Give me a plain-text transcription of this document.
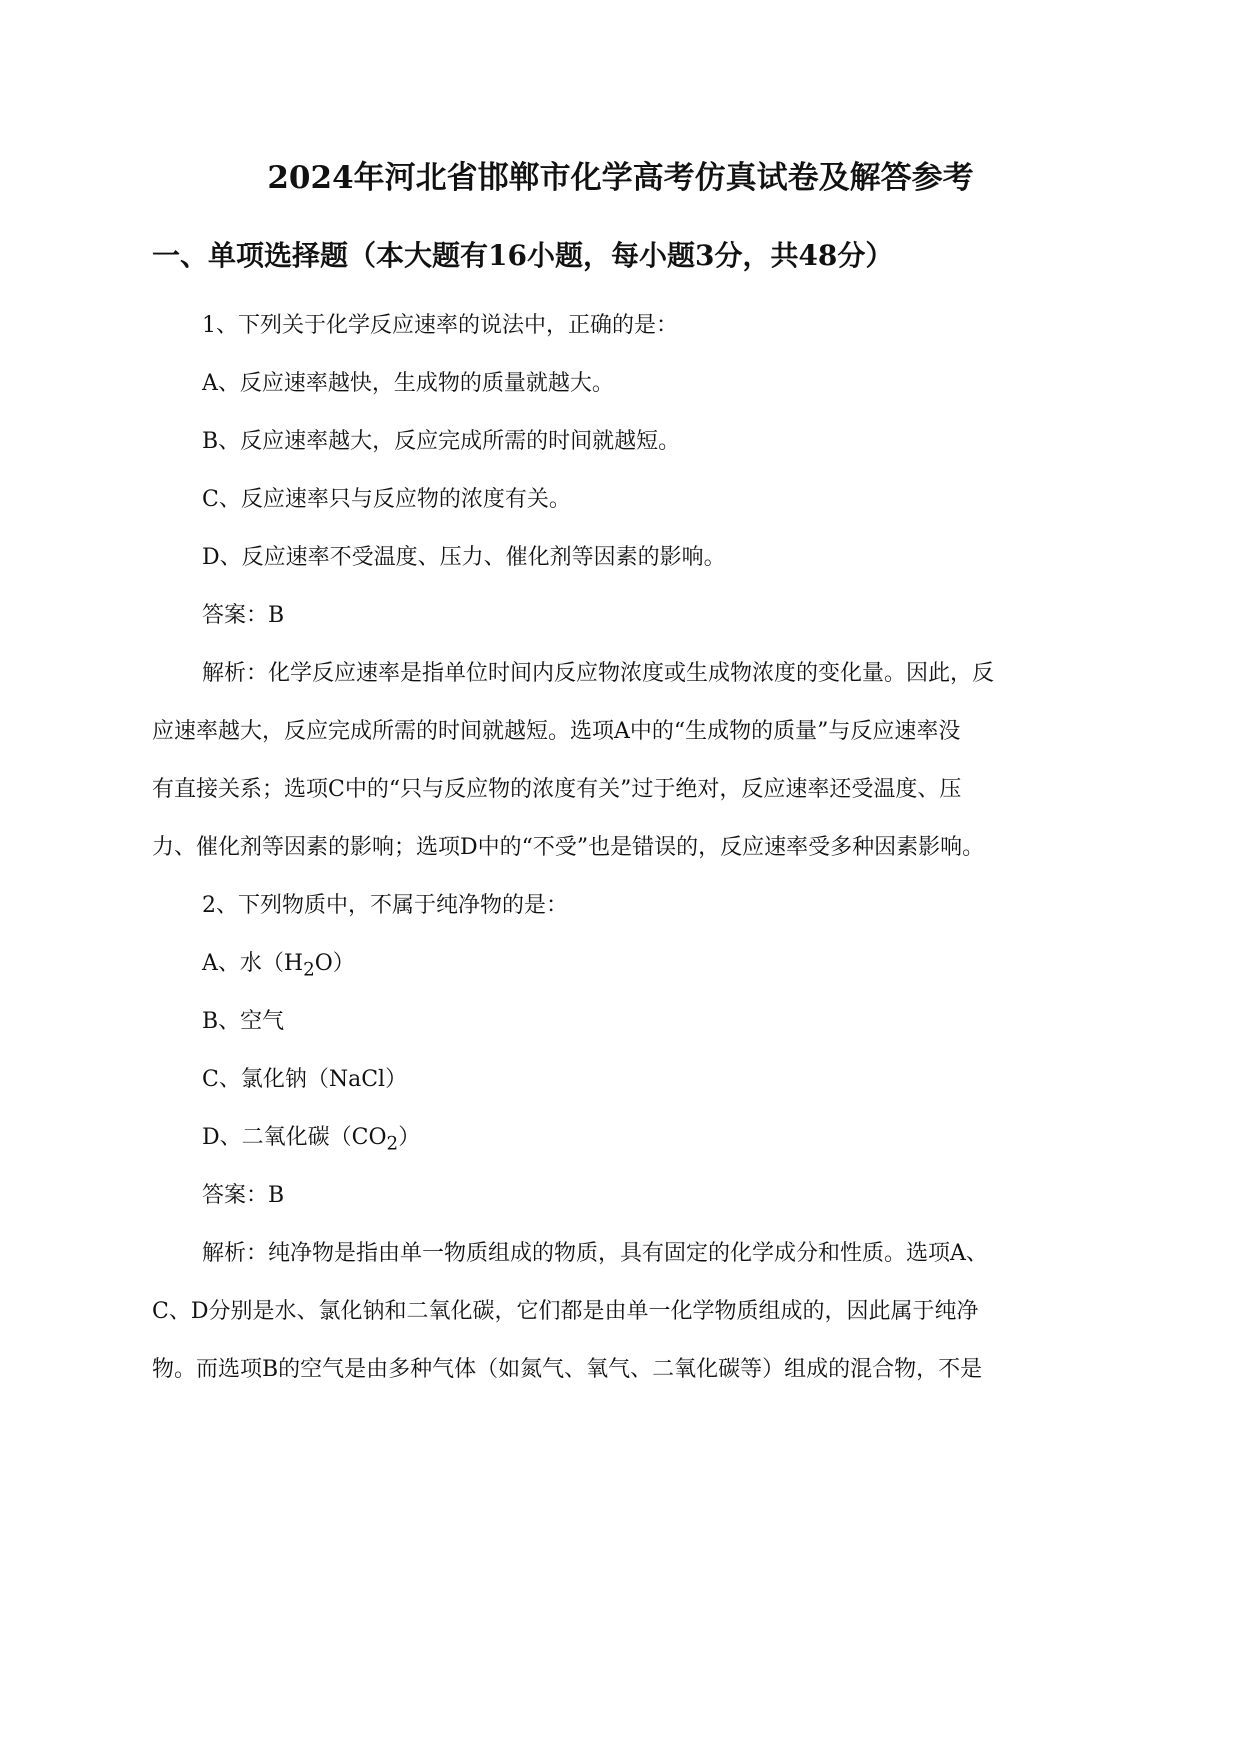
2024年河北省邯郸市化学高考仿真试卷及解答参考
一、单项选择题（本大题有16小题，每小题3分，共48分）

1、下列关于化学反应速率的说法中，正确的是：

A、反应速率越快，生成物的质量就越大。

B、反应速率越大，反应完成所需的时间就越短。

C、反应速率只与反应物的浓度有关。

D、反应速率不受温度、压力、催化剂等因素的影响。

答案：B

解析：化学反应速率是指单位时间内反应物浓度或生成物浓度的变化量。因此，反

应速率越大，反应完成所需的时间就越短。选项A中的“生成物的质量”与反应速率没

有直接关系；选项C中的“只与反应物的浓度有关”过于绝对，反应速率还受温度、压

力、催化剂等因素的影响；选项D中的“不受”也是错误的，反应速率受多种因素影响。

2、下列物质中，不属于纯净物的是：

A、水$(H_2O)$

B、空气

C、氯化钠（NaCl）

D、二氧化碳$(CO_2)$

答案：B

解析：纯净物是指由单一物质组成的物质，具有固定的化学成分和性质。选项A、

C、D分别是水、氯化钠和二氧化碳，它们都是由单一化学物质组成的，因此属于纯净

物。而选项B的空气是由多种气体（如氮气、氧气、二氧化碳等）组成的混合物，不是
